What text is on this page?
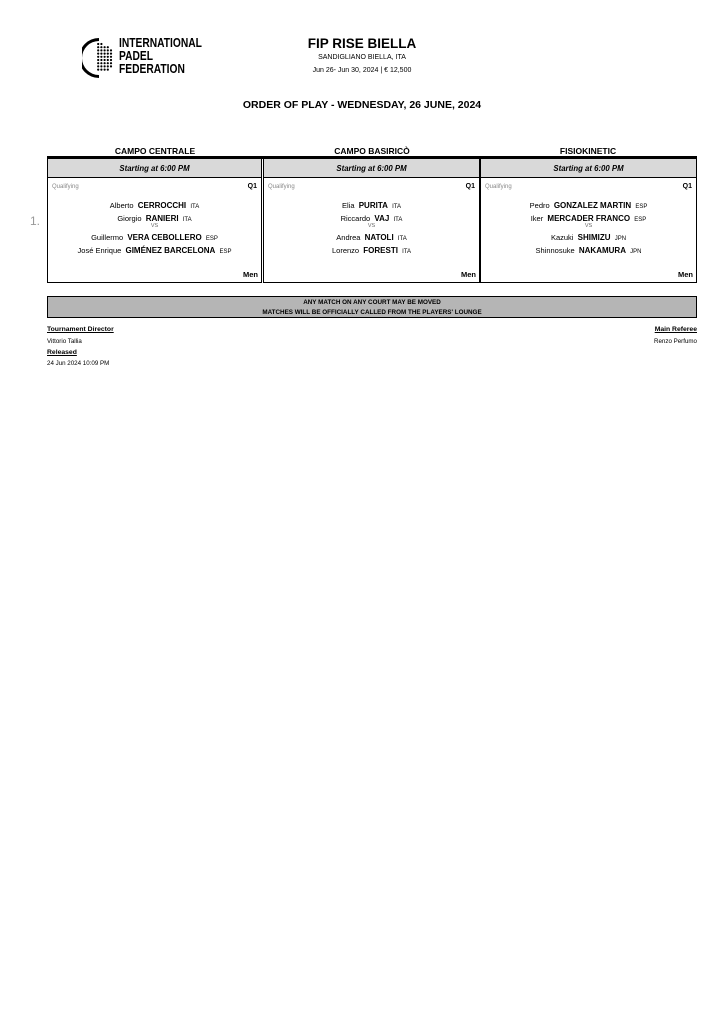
INTERNATIONAL
PADEL
FEDERATION
FIP RISE BIELLA
SANDIGLIANO BIELLA, ITA
Jun 26- Jun 30, 2024 | € 12,500
ORDER OF PLAY - WEDNESDAY, 26 JUNE, 2024
CAMPO CENTRALE	CAMPO BASIRICÒ	FISIOKINETIC
1.
Starting at 6:00 PM
Qualifying	Q1
Alberto CERROCCHI ITA
Giorgio RANIERI ITA
VS
Guillermo VERA CEBOLLERO ESP
José Enrique GIMÉNEZ BARCELONA ESP
Men
Starting at 6:00 PM
Qualifying	Q1
Elia PURITA ITA
Riccardo VAJ ITA
VS
Andrea NATOLI ITA
Lorenzo FORESTI ITA
Men
Starting at 6:00 PM
Qualifying	Q1
Pedro GONZALEZ MARTIN ESP
Iker MERCADER FRANCO ESP
VS
Kazuki SHIMIZU JPN
Shinnosuke NAKAMURA JPN
Men
ANY MATCH ON ANY COURT MAY BE MOVED
MATCHES WILL BE OFFICIALLY CALLED FROM THE PLAYERS' LOUNGE
Tournament Director
Vittorio Tallia
Released
24 Jun 2024 10:09 PM
Main Referee
Renzo Perfumo
